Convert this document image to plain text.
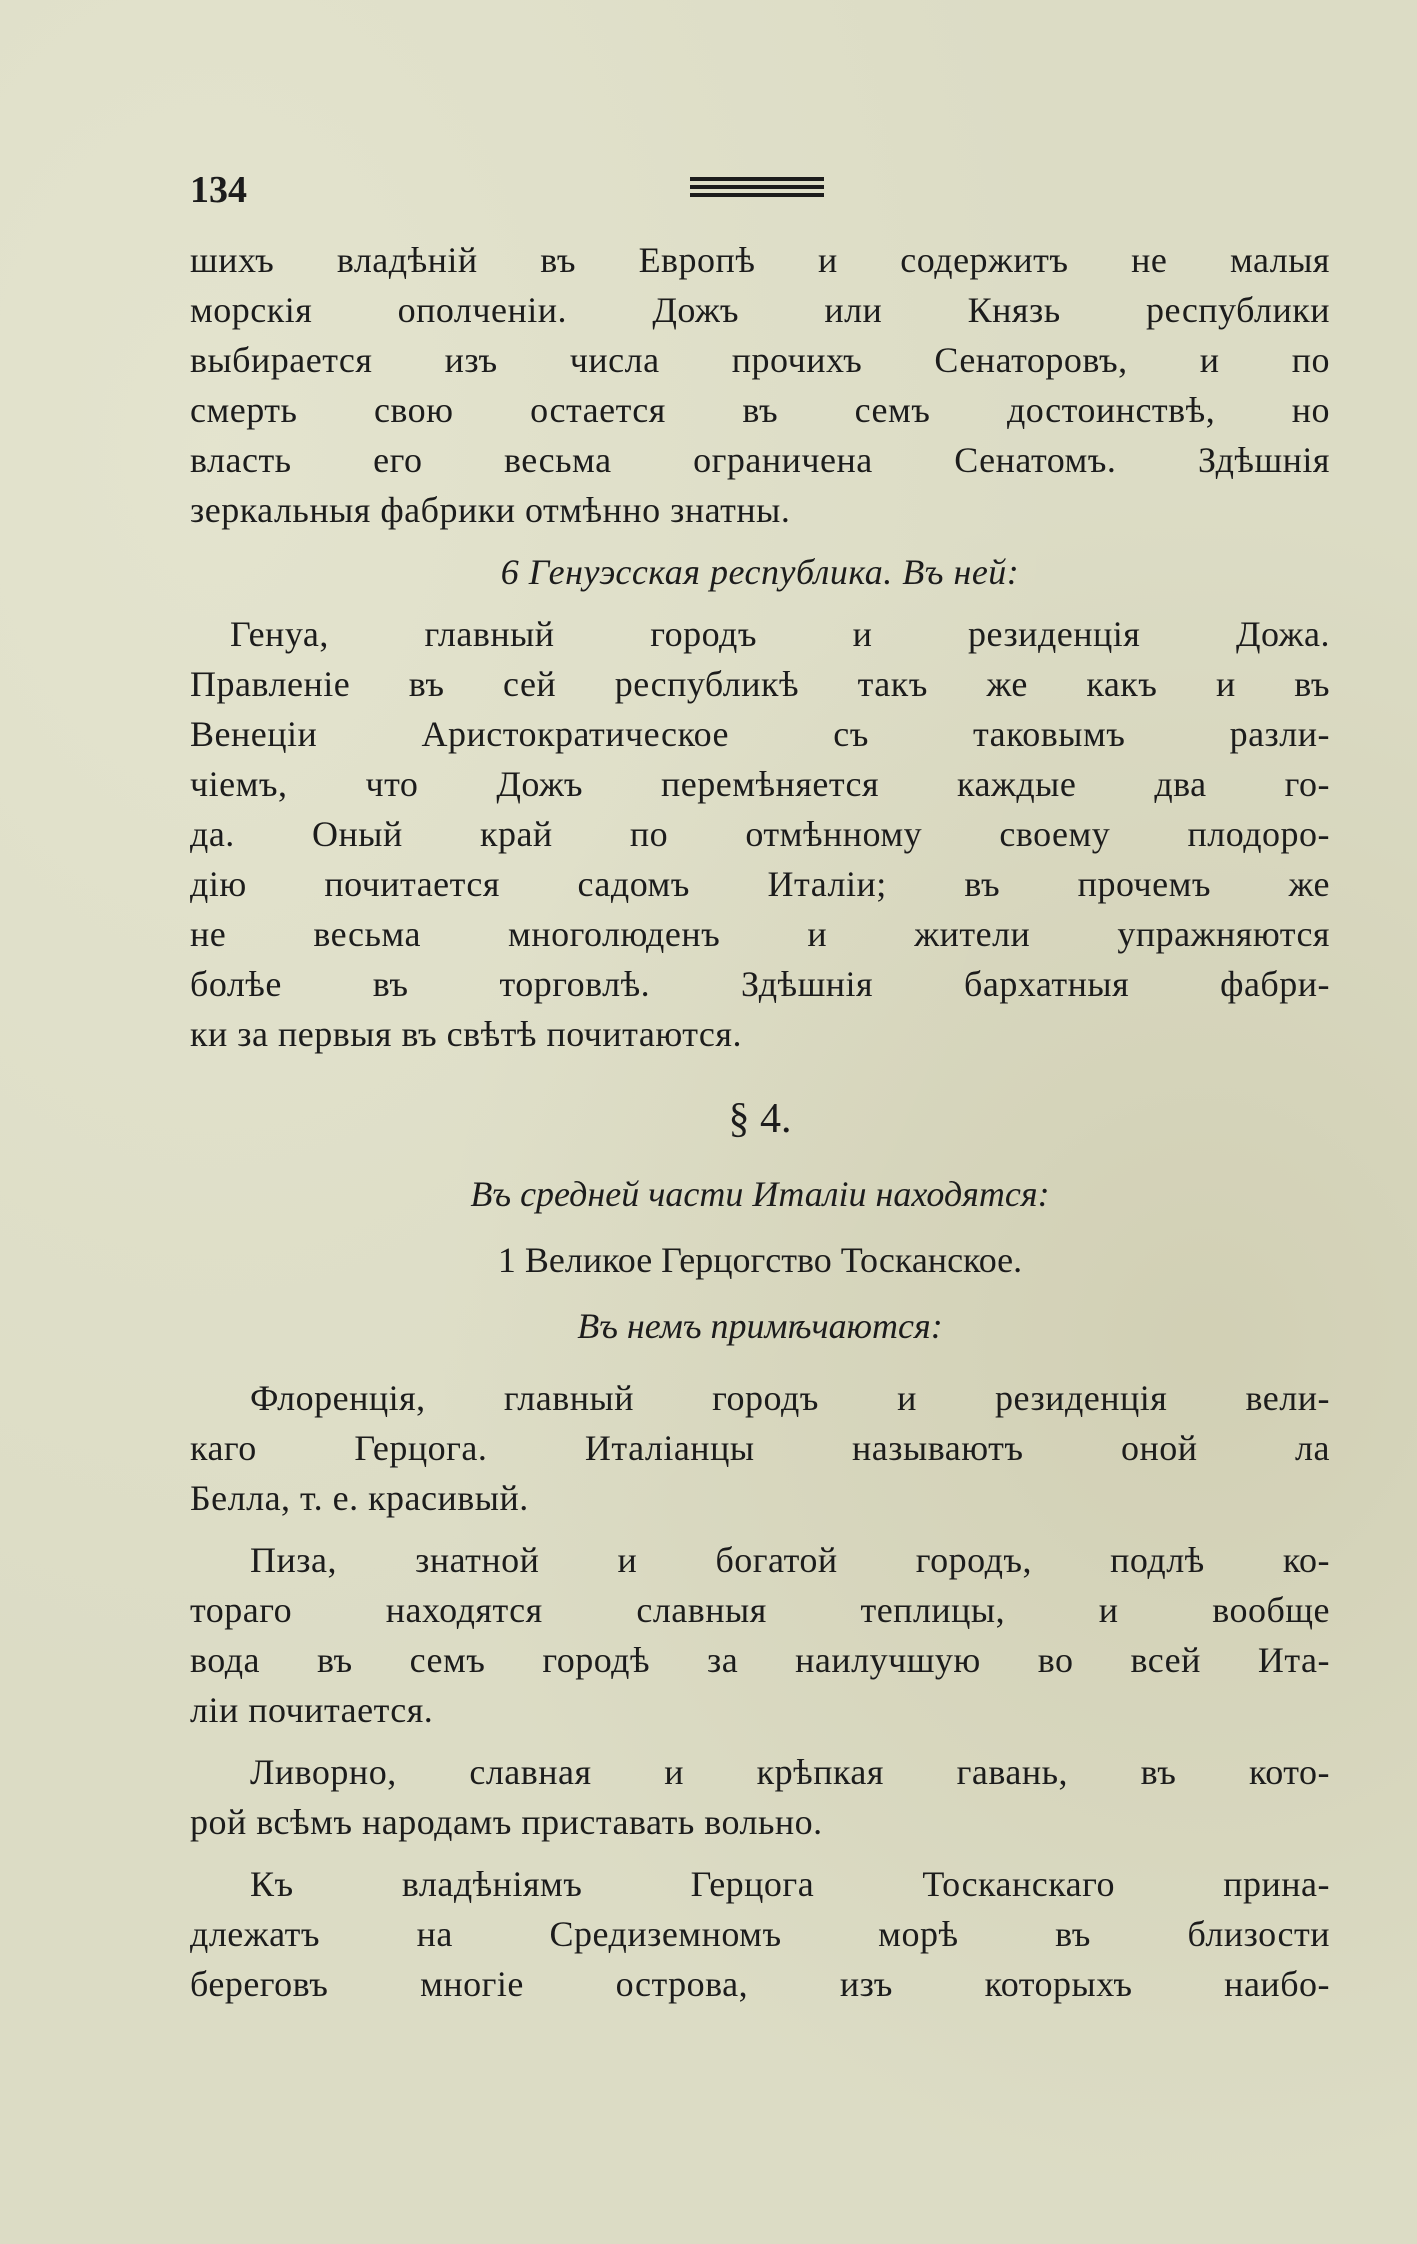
134
шихъ владѣній въ Европѣ и содержитъ не малыя
морскія ополченіи. Дожъ или Князь республики
выбирается изъ числа прочихъ Сенаторовъ, и по
смерть свою остается въ семъ достоинствѣ, но
власть его весьма ограничена Сенатомъ. Здѣшнія
зеркальныя фабрики отмѣнно знатны.
6 Генуэсская республика. Въ ней:
Генуа, главный городъ и резиденція Дожа.
Правленіе въ сей республикѣ такъ же какъ и въ
Венеціи Аристократическое съ таковымъ разли-
чіемъ, что Дожъ перемѣняется каждые два го-
да. Оный край по отмѣнному своему плодоро-
дію почитается садомъ Италіи; въ прочемъ же
не весьма многолюденъ и жители упражняются
болѣе въ торговлѣ. Здѣшнія бархатныя фабри-
ки за первыя въ свѣтѣ почитаются.
§ 4.
Въ средней части Италіи находятся:
1 Великое Герцогство Тосканское.
Въ немъ примѣчаются:
Флоренція, главный городъ и резиденція вели-
каго Герцога. Италіанцы называютъ оной ла
Белла, т. е. красивый.
Пиза, знатной и богатой городъ, подлѣ ко-
тораго находятся славныя теплицы, и вообще
вода въ семъ городѣ за наилучшую во всей Ита-
ліи почитается.
Ливорно, славная и крѣпкая гавань, въ кото-
рой всѣмъ народамъ приставать вольно.
Къ владѣніямъ Герцога Тосканскаго прина-
длежатъ на Средиземномъ морѣ въ близости
береговъ многіе острова, изъ которыхъ наибо-
